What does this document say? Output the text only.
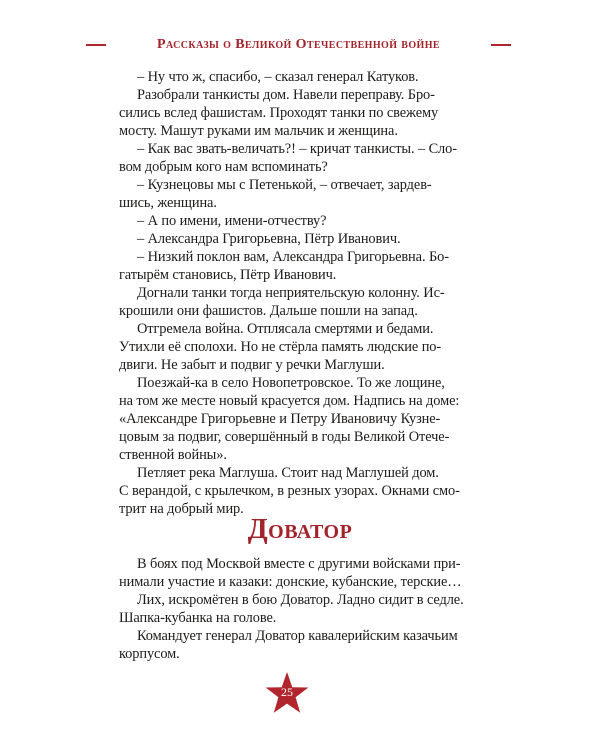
Рассказы о Великой Отечественной войне
– Ну что ж, спасибо, – сказал генерал Катуков.
Разобрали танкисты дом. Навели переправу. Бро-
сились вслед фашистам. Проходят танки по свежему
мосту. Машут руками им мальчик и женщина.
– Как вас звать-величать?! – кричат танкисты. – Сло-
вом добрым кого нам вспоминать?
– Кузнецовы мы с Петенькой, – отвечает, зардев-
шись, женщина.
– А по имени, имени-отчеству?
– Александра Григорьевна, Пётр Иванович.
– Низкий поклон вам, Александра Григорьевна. Бо-
гатырём становись, Пётр Иванович.
Догнали танки тогда неприятельскую колонну. Ис-
крошили они фашистов. Дальше пошли на запад.
Отгремела война. Отплясала смертями и бедами.
Утихли её сполохи. Но не стёрла память людские по-
двиги. Не забыт и подвиг у речки Маглуши.
Поезжай-ка в село Новопетровское. То же лощине,
на том же месте новый красуется дом. Надпись на доме:
«Александре Григорьевне и Петру Ивановичу Кузне-
цовым за подвиг, совершённый в годы Великой Отече-
ственной войны».
Петляет река Маглуша. Стоит над Маглушей дом.
С верандой, с крылечком, в резных узорах. Окнами смо-
трит на добрый мир.
Доватор
В боях под Москвой вместе с другими войсками при-
нимали участие и казаки: донские, кубанские, терские…
Лих, искромётен в бою Доватор. Ладно сидит в седле.
Шапка-кубанка на голове.
Командует генерал Доватор кавалерийским казачьим
корпусом.
25
